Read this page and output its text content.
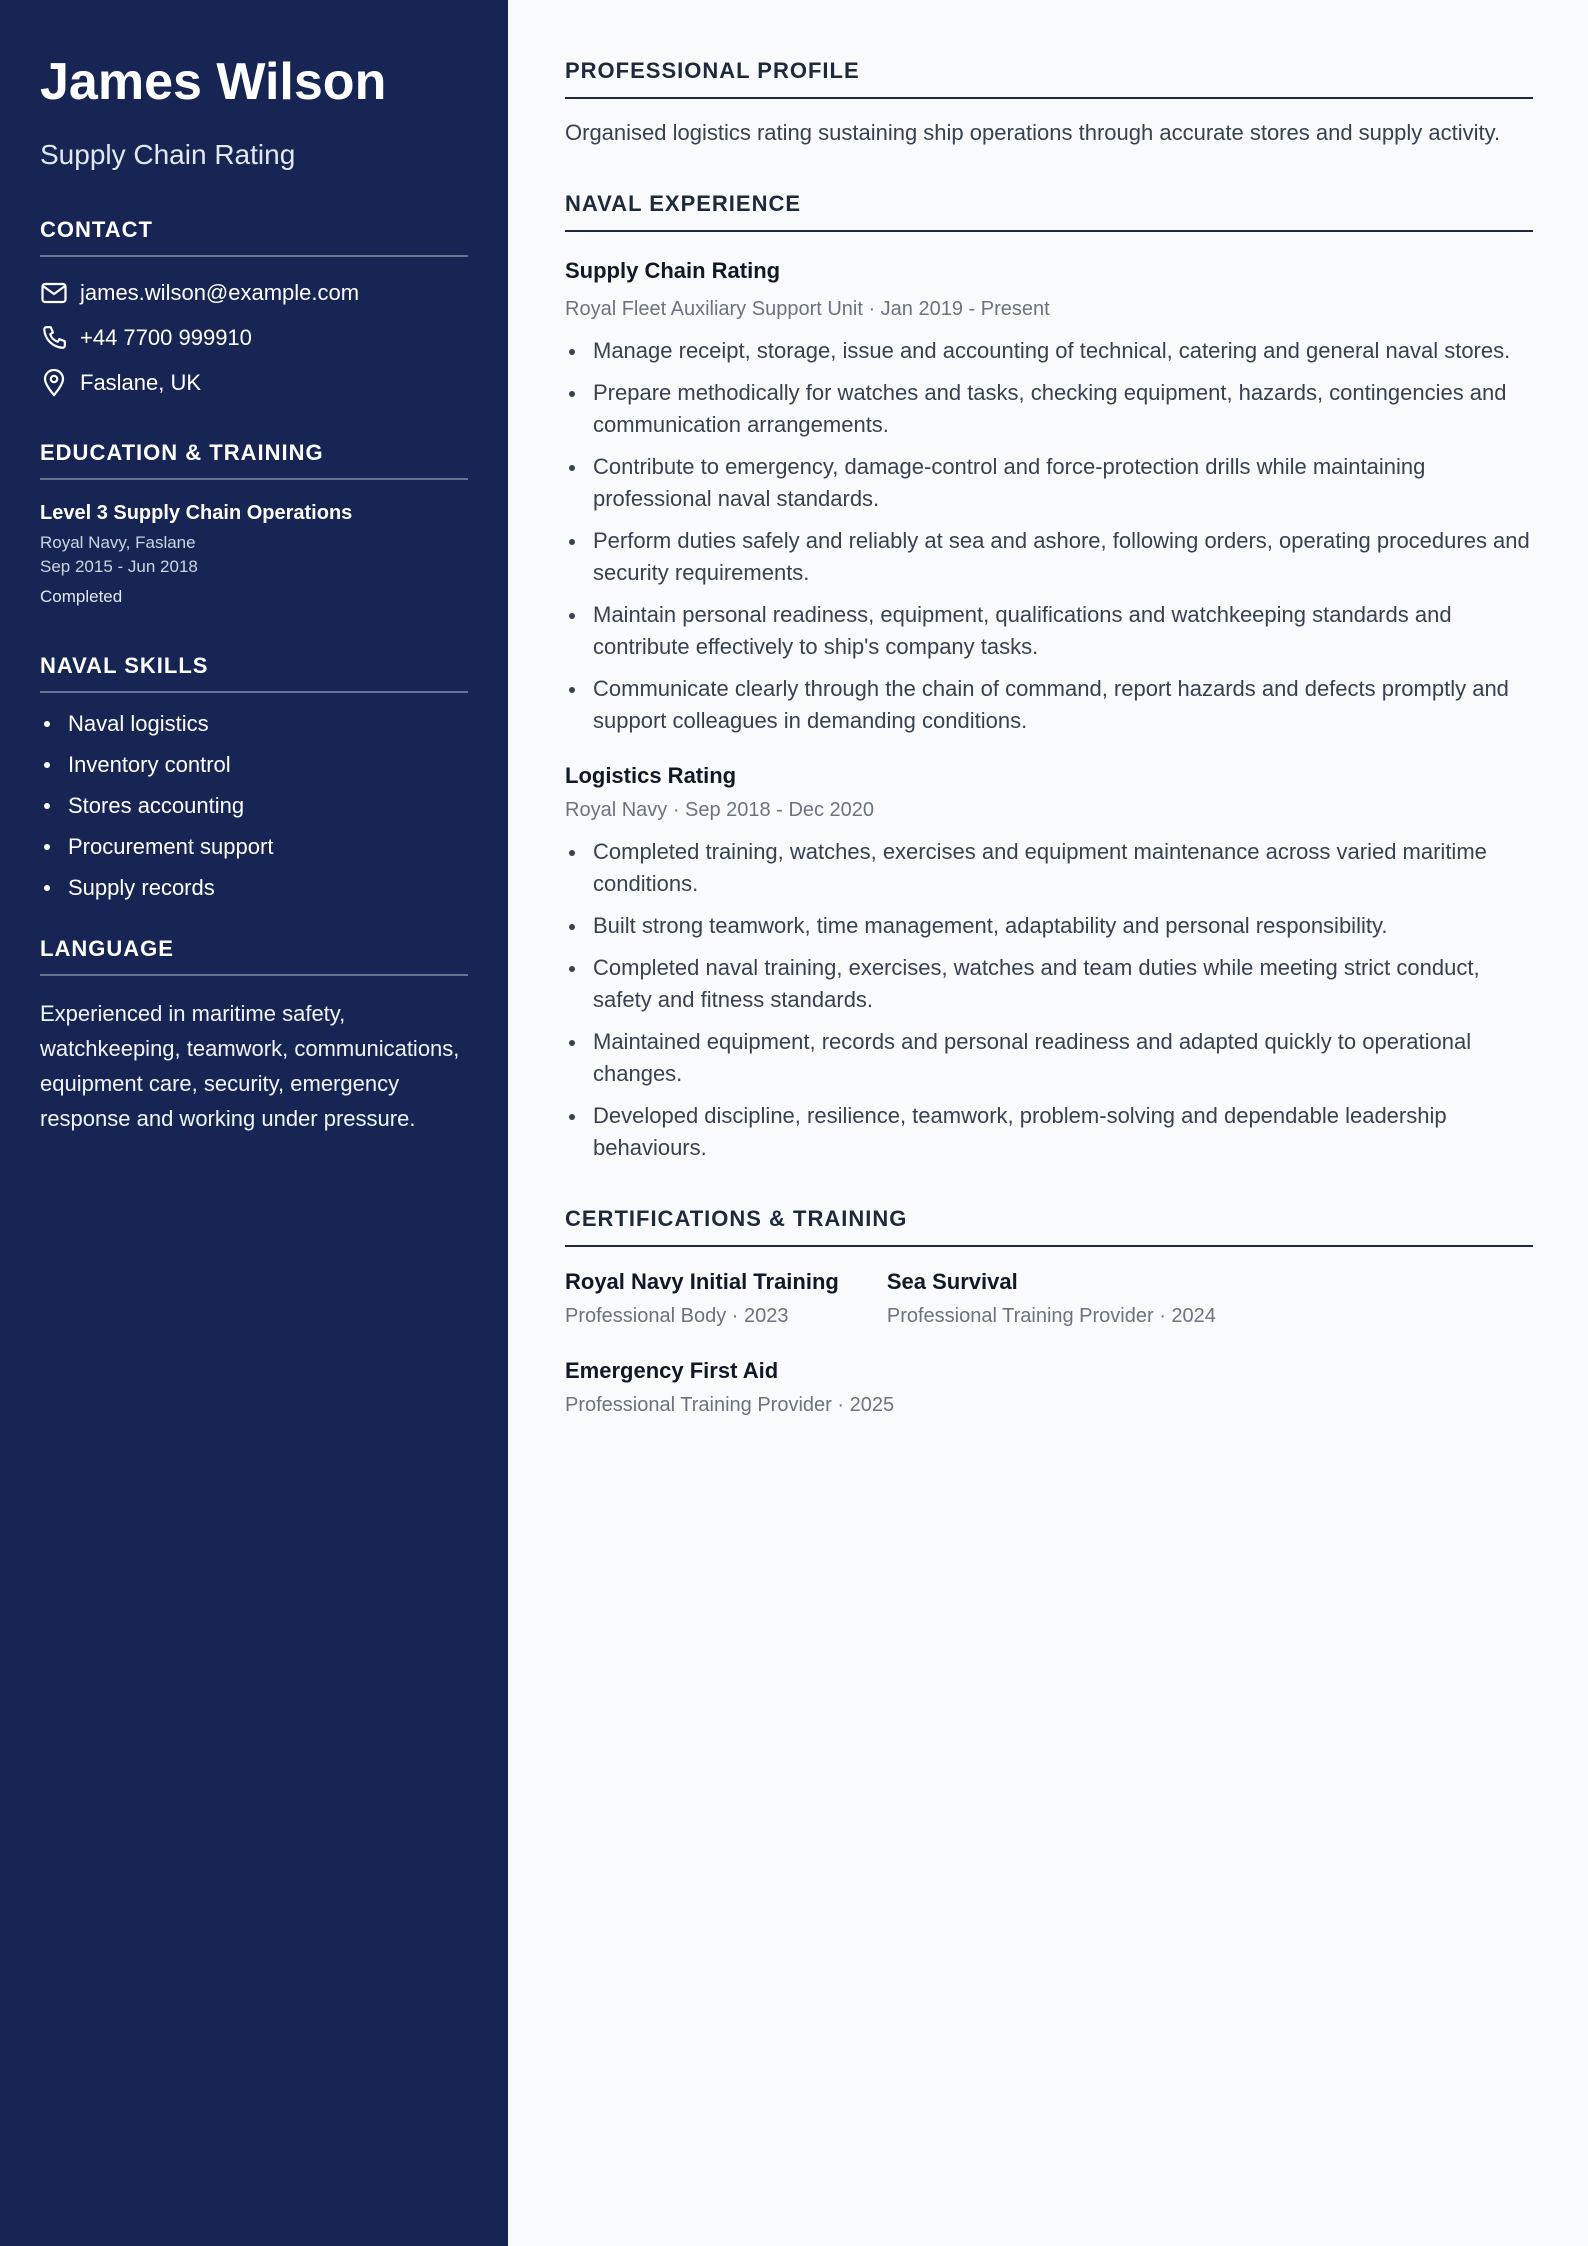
James Wilson
Supply Chain Rating
CONTACT
james.wilson@example.com
+44 7700 999910
Faslane, UK
EDUCATION & TRAINING
Level 3 Supply Chain Operations
Royal Navy, Faslane
Sep 2015 - Jun 2018
Completed
NAVAL SKILLS
Naval logistics
Inventory control
Stores accounting
Procurement support
Supply records
LANGUAGE
Experienced in maritime safety, watchkeeping, teamwork, communications, equipment care, security, emergency response and working under pressure.
PROFESSIONAL PROFILE
Organised logistics rating sustaining ship operations through accurate stores and supply activity.
NAVAL EXPERIENCE
Supply Chain Rating
Royal Fleet Auxiliary Support Unit · Jan 2019 - Present
Manage receipt, storage, issue and accounting of technical, catering and general naval stores.
Prepare methodically for watches and tasks, checking equipment, hazards, contingencies and communication arrangements.
Contribute to emergency, damage-control and force-protection drills while maintaining professional naval standards.
Perform duties safely and reliably at sea and ashore, following orders, operating procedures and security requirements.
Maintain personal readiness, equipment, qualifications and watchkeeping standards and contribute effectively to ship's company tasks.
Communicate clearly through the chain of command, report hazards and defects promptly and support colleagues in demanding conditions.
Logistics Rating
Royal Navy · Sep 2018 - Dec 2020
Completed training, watches, exercises and equipment maintenance across varied maritime conditions.
Built strong teamwork, time management, adaptability and personal responsibility.
Completed naval training, exercises, watches and team duties while meeting strict conduct, safety and fitness standards.
Maintained equipment, records and personal readiness and adapted quickly to operational changes.
Developed discipline, resilience, teamwork, problem-solving and dependable leadership behaviours.
CERTIFICATIONS & TRAINING
Royal Navy Initial Training
Professional Body · 2023
Sea Survival
Professional Training Provider · 2024
Emergency First Aid
Professional Training Provider · 2025
